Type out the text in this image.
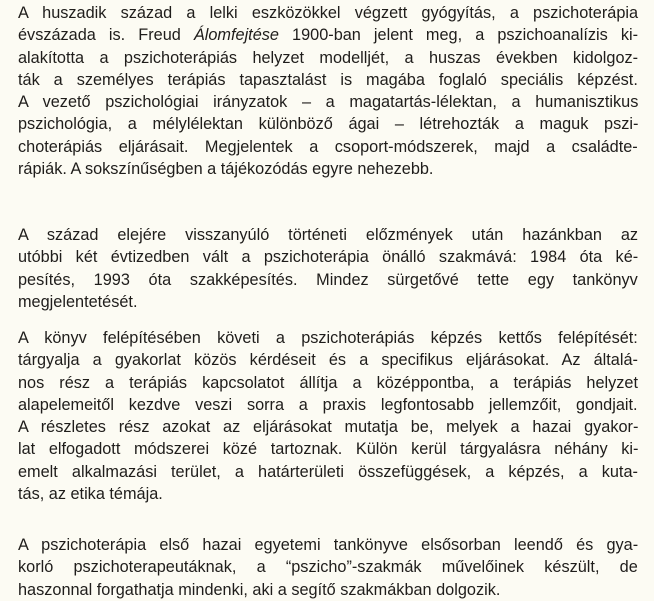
A huszadik század a lelki eszközökkel végzett gyógyítás, a pszichoterápia
évszázada is. Freud Álomfejtése 1900-ban jelent meg, a pszichoanalízis ki-
alakította a pszichoterápiás helyzet modelljét, a huszas években kidolgoz-
ták a személyes terápiás tapasztalást is magába foglaló speciális képzést.
A vezető pszichológiai irányzatok – a magatartás-lélektan, a humanisztikus
pszichológia, a mélylélektan különböző ágai – létrehozták a maguk pszi-
choterápiás eljárásait. Megjelentek a csoport-módszerek, majd a családte-
rápiák. A sokszínűségben a tájékozódás egyre nehezebb.

A század elejére visszanyúló történeti előzmények után hazánkban az
utóbbi két évtizedben vált a pszichoterápia önálló szakmává: 1984 óta ké-
pesítés, 1993 óta szakképesítés. Mindez sürgetővé tette egy tankönyv
megjelentetését.

A könyv felépítésében követi a pszichoterápiás képzés kettős felépítését:
tárgyalja a gyakorlat közös kérdéseit és a specifikus eljárásokat. Az általá-
nos rész a terápiás kapcsolatot állítja a középpontba, a terápiás helyzet
alapelemeitől kezdve veszi sorra a praxis legfontosabb jellemzőit, gondjait.
A részletes rész azokat az eljárásokat mutatja be, melyek a hazai gyakor-
lat elfogadott módszerei közé tartoznak. Külön kerül tárgyalásra néhány ki-
emelt alkalmazási terület, a határterületi összefüggések, a képzés, a kuta-
tás, az etika témája.

A pszichoterápia első hazai egyetemi tankönyve elsősorban leendő és gya-
korló pszichoterapeutáknak, a “pszicho”-szakmák művelőinek készült, de
haszonnal forgathatja mindenki, aki a segítő szakmákban dolgozik.
